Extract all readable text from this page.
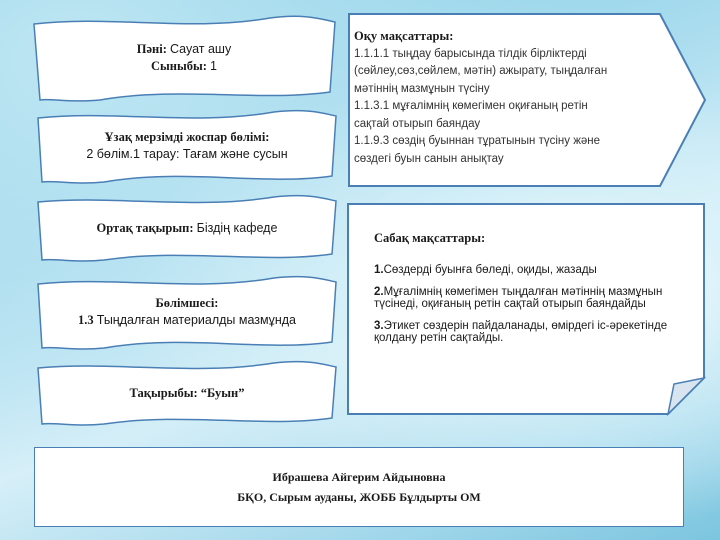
Пәні: Сауат ашу
Сыныбы: 1
Ұзақ мерзімді жоспар бөлімі:
2 бөлім.1 тарау: Тағам және сусын
Ортақ тақырып: Біздің кафеде
Бөлімшесі:
1.3 Тыңдалған материалды мазмұнда
Тақырыбы: “Буын”
Оқу мақсаттары:
1.1.1.1 тыңдау барысында тілдік бірліктерді
(сөйлеу,сөз,сөйлем, мәтін) ажырату, тыңдалған
мәтіннің мазмұнын түсіну
1.1.3.1 мұғалімнің көмегімен оқиғаның ретін
сақтай отырып баяндау
1.1.9.3 сөздің буыннан тұратынын түсіну және
сөздегі буын санын анықтау
Сабақ мақсаттары:
1.Сөздерді буынға бөледі, оқиды, жазады
2.Мұғалімнің көмегімен тыңдалған мәтіннің мазмұнын түсінеді, оқиғаның ретін сақтай отырып баяндайды
3.Этикет сөздерін пайдаланады, өмірдегі іс-әрекетінде қолдану ретін сақтайды.
Ибрашева Айгерим Айдыновна
БҚО, Сырым ауданы, ЖОББ Бұлдырты ОМ
